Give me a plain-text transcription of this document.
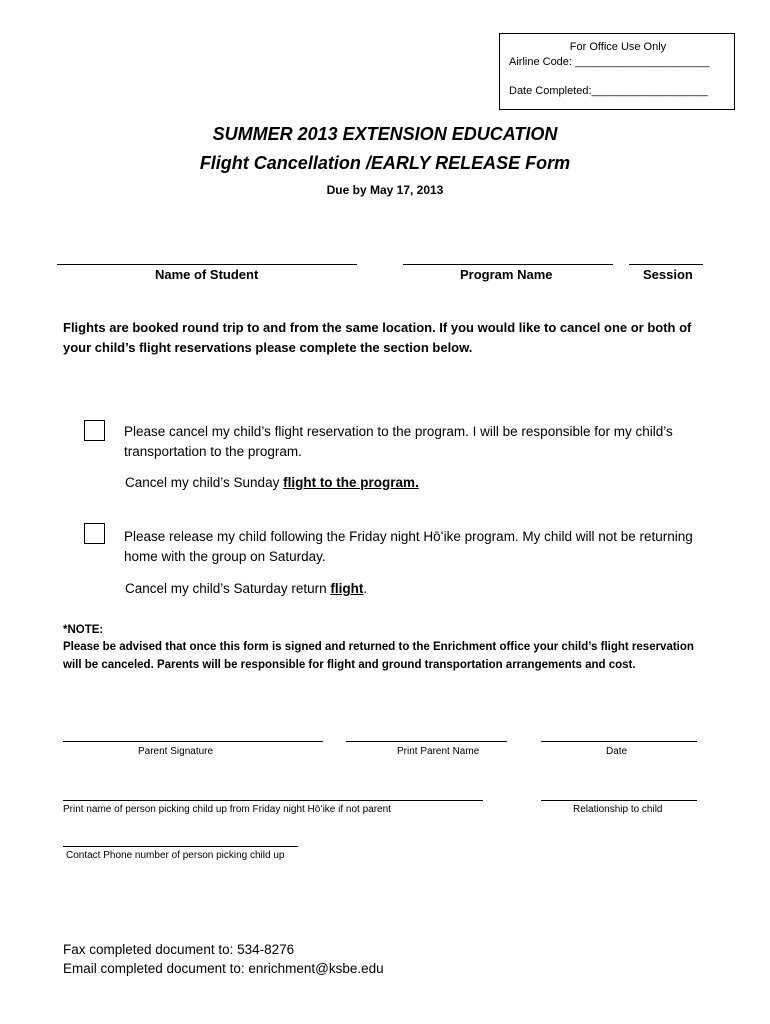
For Office Use Only
Airline Code: ______________________
Date Completed:___________________
SUMMER 2013 EXTENSION EDUCATION
Flight Cancellation /EARLY RELEASE Form
Due by May 17, 2013
Name of Student	Program Name	Session
Flights are booked round trip to and from the same location. If you would like to cancel one or both of your child’s flight reservations please complete the section below.
Please cancel my child’s flight reservation to the program. I will be responsible for my child’s transportation to the program.
Cancel my child’s Sunday flight to the program.
Please release my child following the Friday night Hōʻike program. My child will not be returning home with the group on Saturday.
Cancel my child’s Saturday return flight.
*NOTE:
Please be advised that once this form is signed and returned to the Enrichment office your child’s flight reservation will be canceled. Parents will be responsible for flight and ground transportation arrangements and cost.
Parent Signature	Print Parent Name	Date
Print name of person picking child up from Friday night Hōʻike if not parent	Relationship to child
Contact Phone number of person picking child up
Fax completed document to: 534-8276
Email completed document to: enrichment@ksbe.edu
